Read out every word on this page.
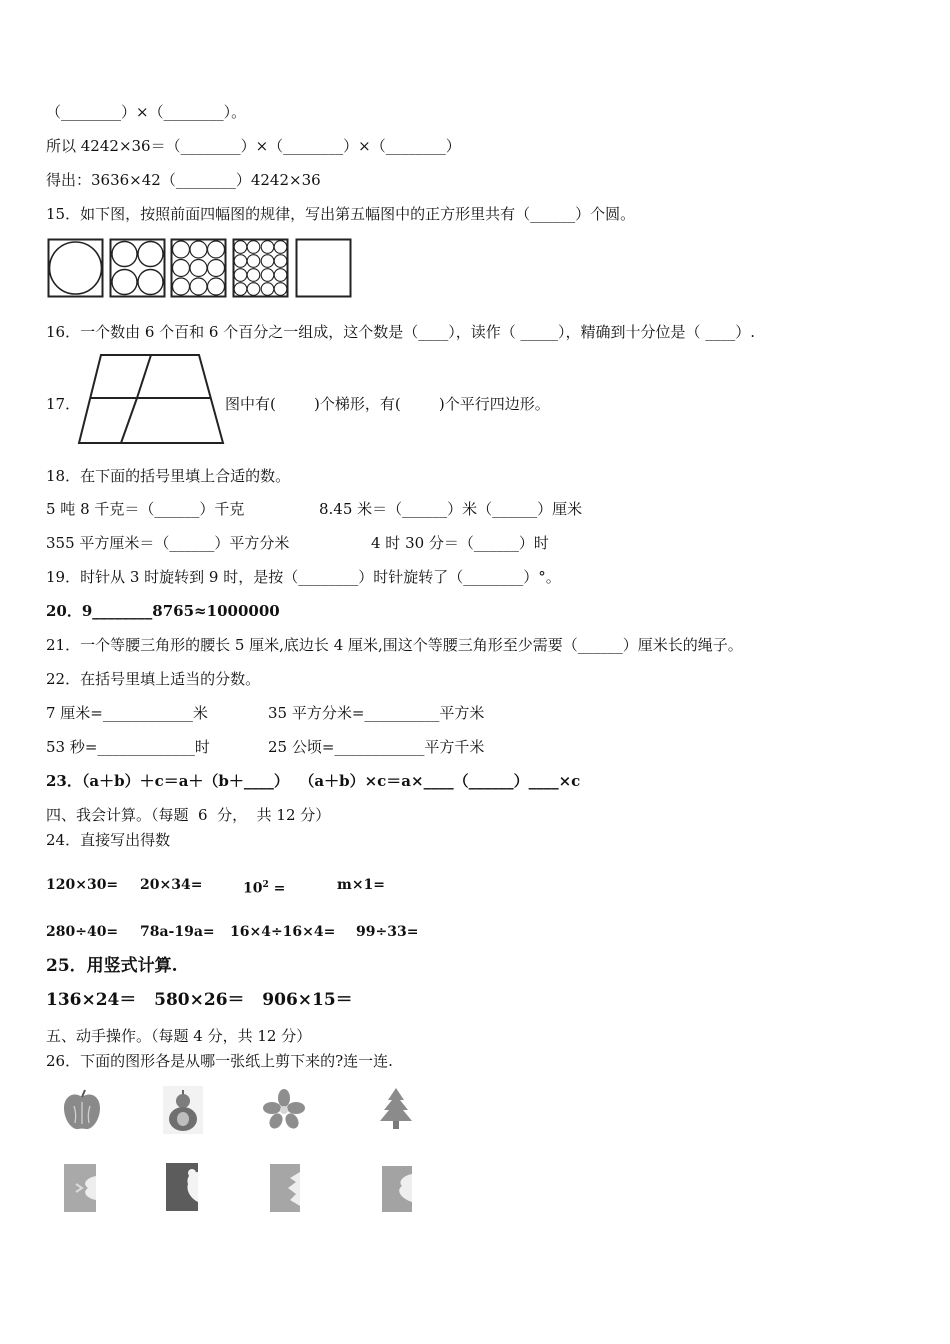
（________）×（________）。
所以 4242×36＝（________）×（________）×（________）
得出：3636×42（________）4242×36
15．如下图，按照前面四幅图的规律，写出第五幅图中的正方形里共有（______）个圆。
16．一个数由 6 个百和 6 个百分之一组成，这个数是（____），读作（ _____），精确到十分位是（ ____）.
17．	图中有(        )个梯形，有(        )个平行四边形。
18．在下面的括号里填上合适的数。
5 吨 8 千克＝（______）千克	8.45 米＝（______）米（______）厘米
355 平方厘米＝（______）平方分米	4 时 30 分＝（______）时
19．时针从 3 时旋转到 9 时，是按（________）时针旋转了（________）°。
20．9________8765≈1000000
21．一个等腰三角形的腰长 5 厘米,底边长 4 厘米,围这个等腰三角形至少需要（______）厘米长的绳子。
22．在括号里填上适当的分数。
7 厘米=____________米	35 平方分米=__________平方米
53 秒=_____________时	25 公顷=____________平方千米
23．（a＋b）＋c＝a＋（b＋____）  （a＋b）×c＝a×____（______）____×c
四、我会计算。（每题  6  分，  共 12 分）
24．直接写出得数
120×30= 20×34=	$10^2$ =	m×1=
280÷40= 78a-19a= 16×4÷16×4= 99÷33=
25．用竖式计算.
136×24＝   580×26＝   906×15＝
五、动手操作。（每题 4 分，共 12 分）
26．下面的图形各是从哪一张纸上剪下来的?连一连.
